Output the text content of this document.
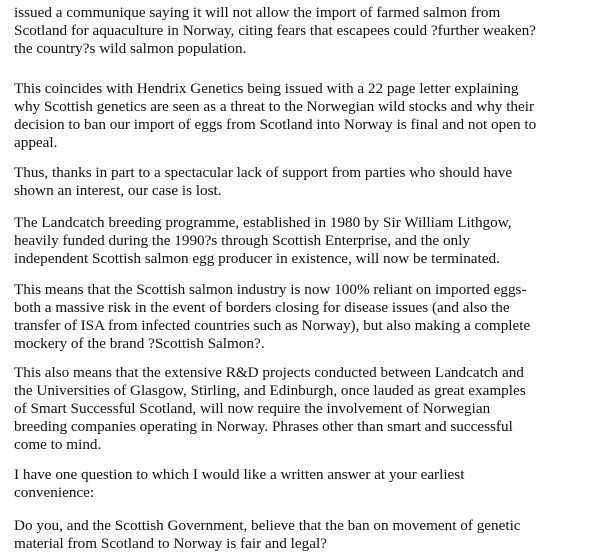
issued a communique saying it will not allow the import of farmed salmon from
Scotland for aquaculture in Norway, citing fears that escapees could ?further weaken?
the country?s wild salmon population.

This coincides with Hendrix Genetics being issued with a 22 page letter explaining
why Scottish genetics are seen as a threat to the Norwegian wild stocks and why their
decision to ban our import of eggs from Scotland into Norway is final and not open to
appeal.

Thus, thanks in part to a spectacular lack of support from parties who should have
shown an interest, our case is lost.

The Landcatch breeding programme, established in 1980 by Sir William Lithgow,
heavily funded during the 1990?s through Scottish Enterprise, and the only
independent Scottish salmon egg producer in existence, will now be terminated.

This means that the Scottish salmon industry is now 100% reliant on imported eggs-
both a massive risk in the event of borders closing for disease issues (and also the
transfer of ISA from infected countries such as Norway), but also making a complete
mockery of the brand ?Scottish Salmon?.

This also means that the extensive R&D projects conducted between Landcatch and
the Universities of Glasgow, Stirling, and Edinburgh, once lauded as great examples
of Smart Successful Scotland, will now require the involvement of Norwegian
breeding companies operating in Norway. Phrases other than smart and successful
come to mind.

I have one question to which I would like a written answer at your earliest
convenience:

Do you, and the Scottish Government, believe that the ban on movement of genetic
material from Scotland to Norway is fair and legal?
